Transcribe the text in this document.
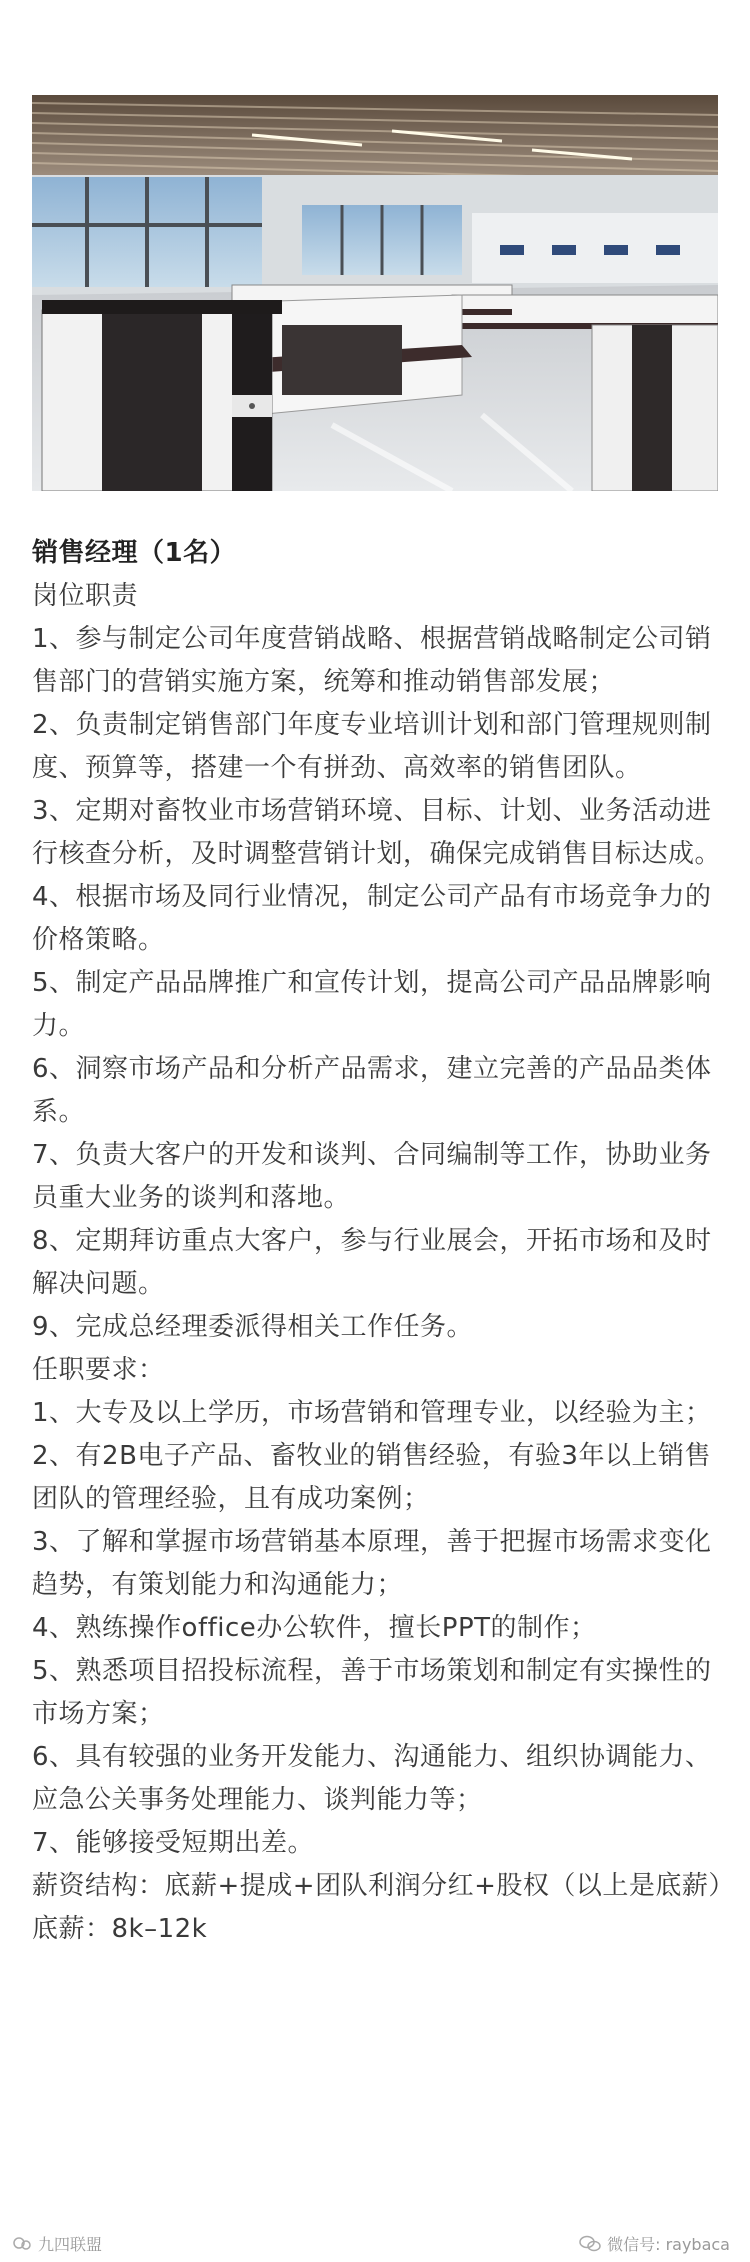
销售经理（1名）
岗位职责
1、参与制定公司年度营销战略、根据营销战略制定公司销售部门的营销实施方案，统筹和推动销售部发展；
2、负责制定销售部门年度专业培训计划和部门管理规则制度、预算等，搭建一个有拼劲、高效率的销售团队。
3、定期对畜牧业市场营销环境、目标、计划、业务活动进行核查分析，及时调整营销计划，确保完成销售目标达成。
4、根据市场及同行业情况，制定公司产品有市场竞争力的价格策略。
5、制定产品品牌推广和宣传计划，提高公司产品品牌影响力。
6、洞察市场产品和分析产品需求，建立完善的产品品类体系。
7、负责大客户的开发和谈判、合同编制等工作，协助业务员重大业务的谈判和落地。
8、定期拜访重点大客户，参与行业展会，开拓市场和及时解决问题。
9、完成总经理委派得相关工作任务。
任职要求：
1、大专及以上学历，市场营销和管理专业，以经验为主；
2、有2B电子产品、畜牧业的销售经验，有验3年以上销售团队的管理经验，且有成功案例；
3、了解和掌握市场营销基本原理，善于把握市场需求变化趋势，有策划能力和沟通能力；
4、熟练操作office办公软件，擅长PPT的制作；
5、熟悉项目招投标流程，善于市场策划和制定有实操性的市场方案；
6、具有较强的业务开发能力、沟通能力、组织协调能力、应急公关事务处理能力、谈判能力等；
7、能够接受短期出差。
薪资结构：底薪+提成+团队利润分红+股权（以上是底薪）底薪：8k–12k
九四联盟	微信号: raybaca
